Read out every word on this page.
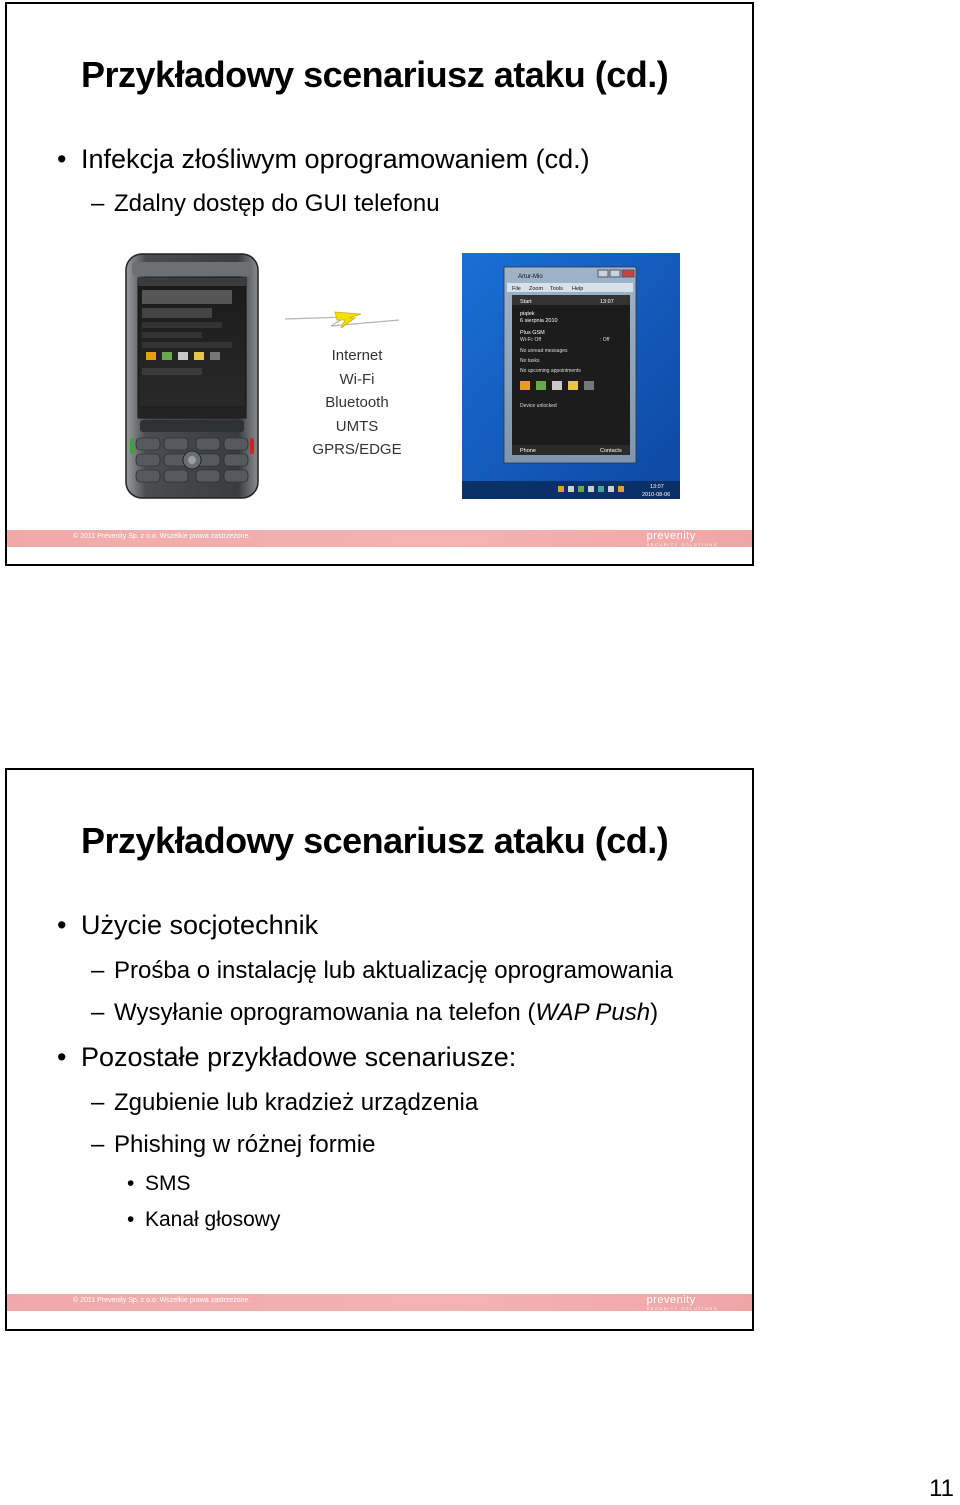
Przykładowy scenariusz ataku (cd.)
• Infekcja złośliwym oprogramowaniem (cd.)
– Zdalny dostęp do GUI telefonu
Internet
Wi-Fi
Bluetooth
UMTS
GPRS/EDGE
Artur-Mio
File Zoom Tools Help
Start	13:07
piątek
6 sierpnia 2010
Plus GSM
Wi-Fi: Off	: Off
No unread messages
No tasks
No upcoming appointments
Device unlocked
Phone	Contacts
13:07
2010-08-06
© 2011 Prevenity Sp. z o.o. Wszelkie prawa zastrzeżone.	prevenity
SECURITY SOLUTIONS
Przykładowy scenariusz ataku (cd.)
• Użycie socjotechnik
– Prośba o instalację lub aktualizację oprogramowania
– Wysyłanie oprogramowania na telefon (WAP Push)
• Pozostałe przykładowe scenariusze:
– Zgubienie lub kradzież urządzenia
– Phishing w różnej formie
• SMS
• Kanał głosowy
© 2011 Prevenity Sp. z o.o. Wszelkie prawa zastrzeżone.	prevenity
SECURITY SOLUTIONS
11
